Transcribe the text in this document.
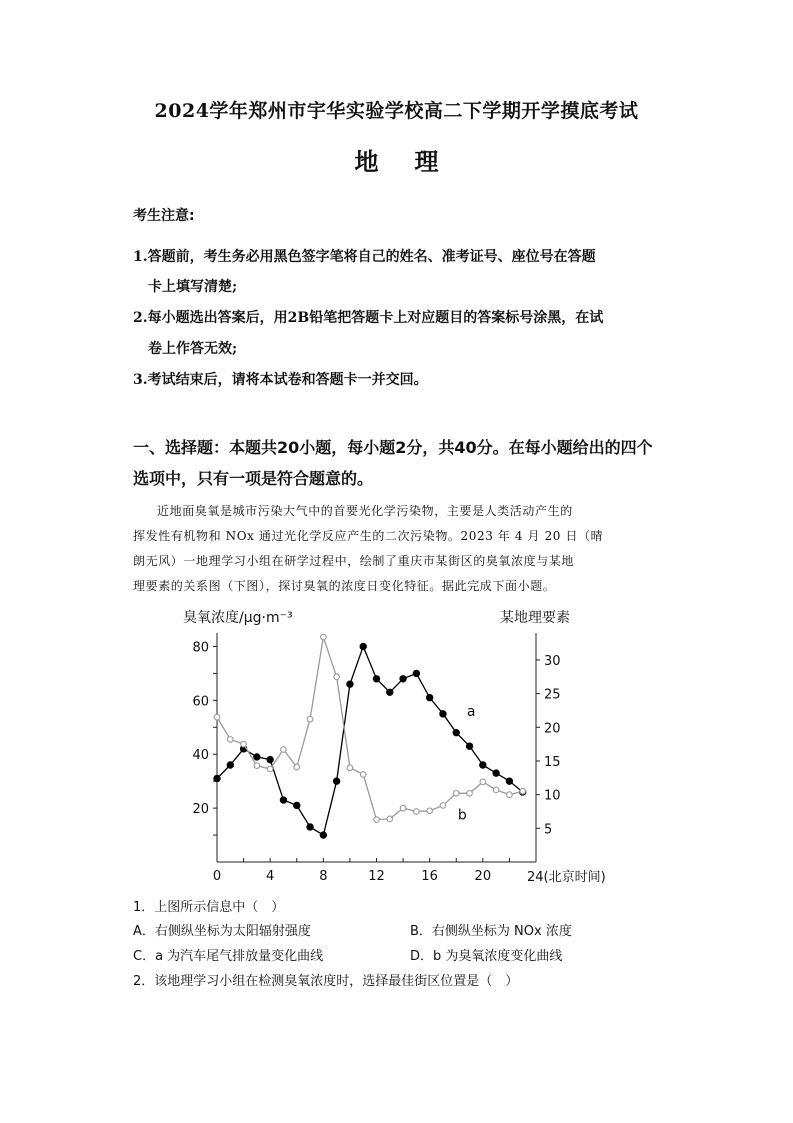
2024学年郑州市宇华实验学校高二下学期开学摸底考试
地理
考生注意:
1.答题前，考生务必用黑色签字笔将自己的姓名、准考证号、座位号在答题
卡上填写清楚;
2.每小题选出答案后，用2B铅笔把答题卡上对应题目的答案标号涂黑，在试
卷上作答无效;
3.考试结束后，请将本试卷和答题卡一并交回。
一、选择题：本题共20小题，每小题2分，共40分。在每小题给出的四个
选项中，只有一项是符合题意的。
近地面臭氧是城市污染大气中的首要光化学污染物，主要是人类活动产生的
挥发性有机物和 NOx 通过光化学反应产生的二次污染物。2023 年 4 月 20 日（晴
朗无风）一地理学习小组在研学过程中，绘制了重庆市某街区的臭氧浓度与某地
理要素的关系图（下图），探讨臭氧的浓度日变化特征。据此完成下面小题。
臭氧浓度/μg·m⁻³	某地理要素
24(北京时间)
0	4	8	12	16	20
20
40
60
80
5
10
15
20
25
30
a
b
1．上图所示信息中（　）
A．右侧纵坐标为太阳辐射强度	B．右侧纵坐标为 NOx 浓度
C．a 为汽车尾气排放量变化曲线	D．b 为臭氧浓度变化曲线
2．该地理学习小组在检测臭氧浓度时，选择最佳街区位置是（　）
